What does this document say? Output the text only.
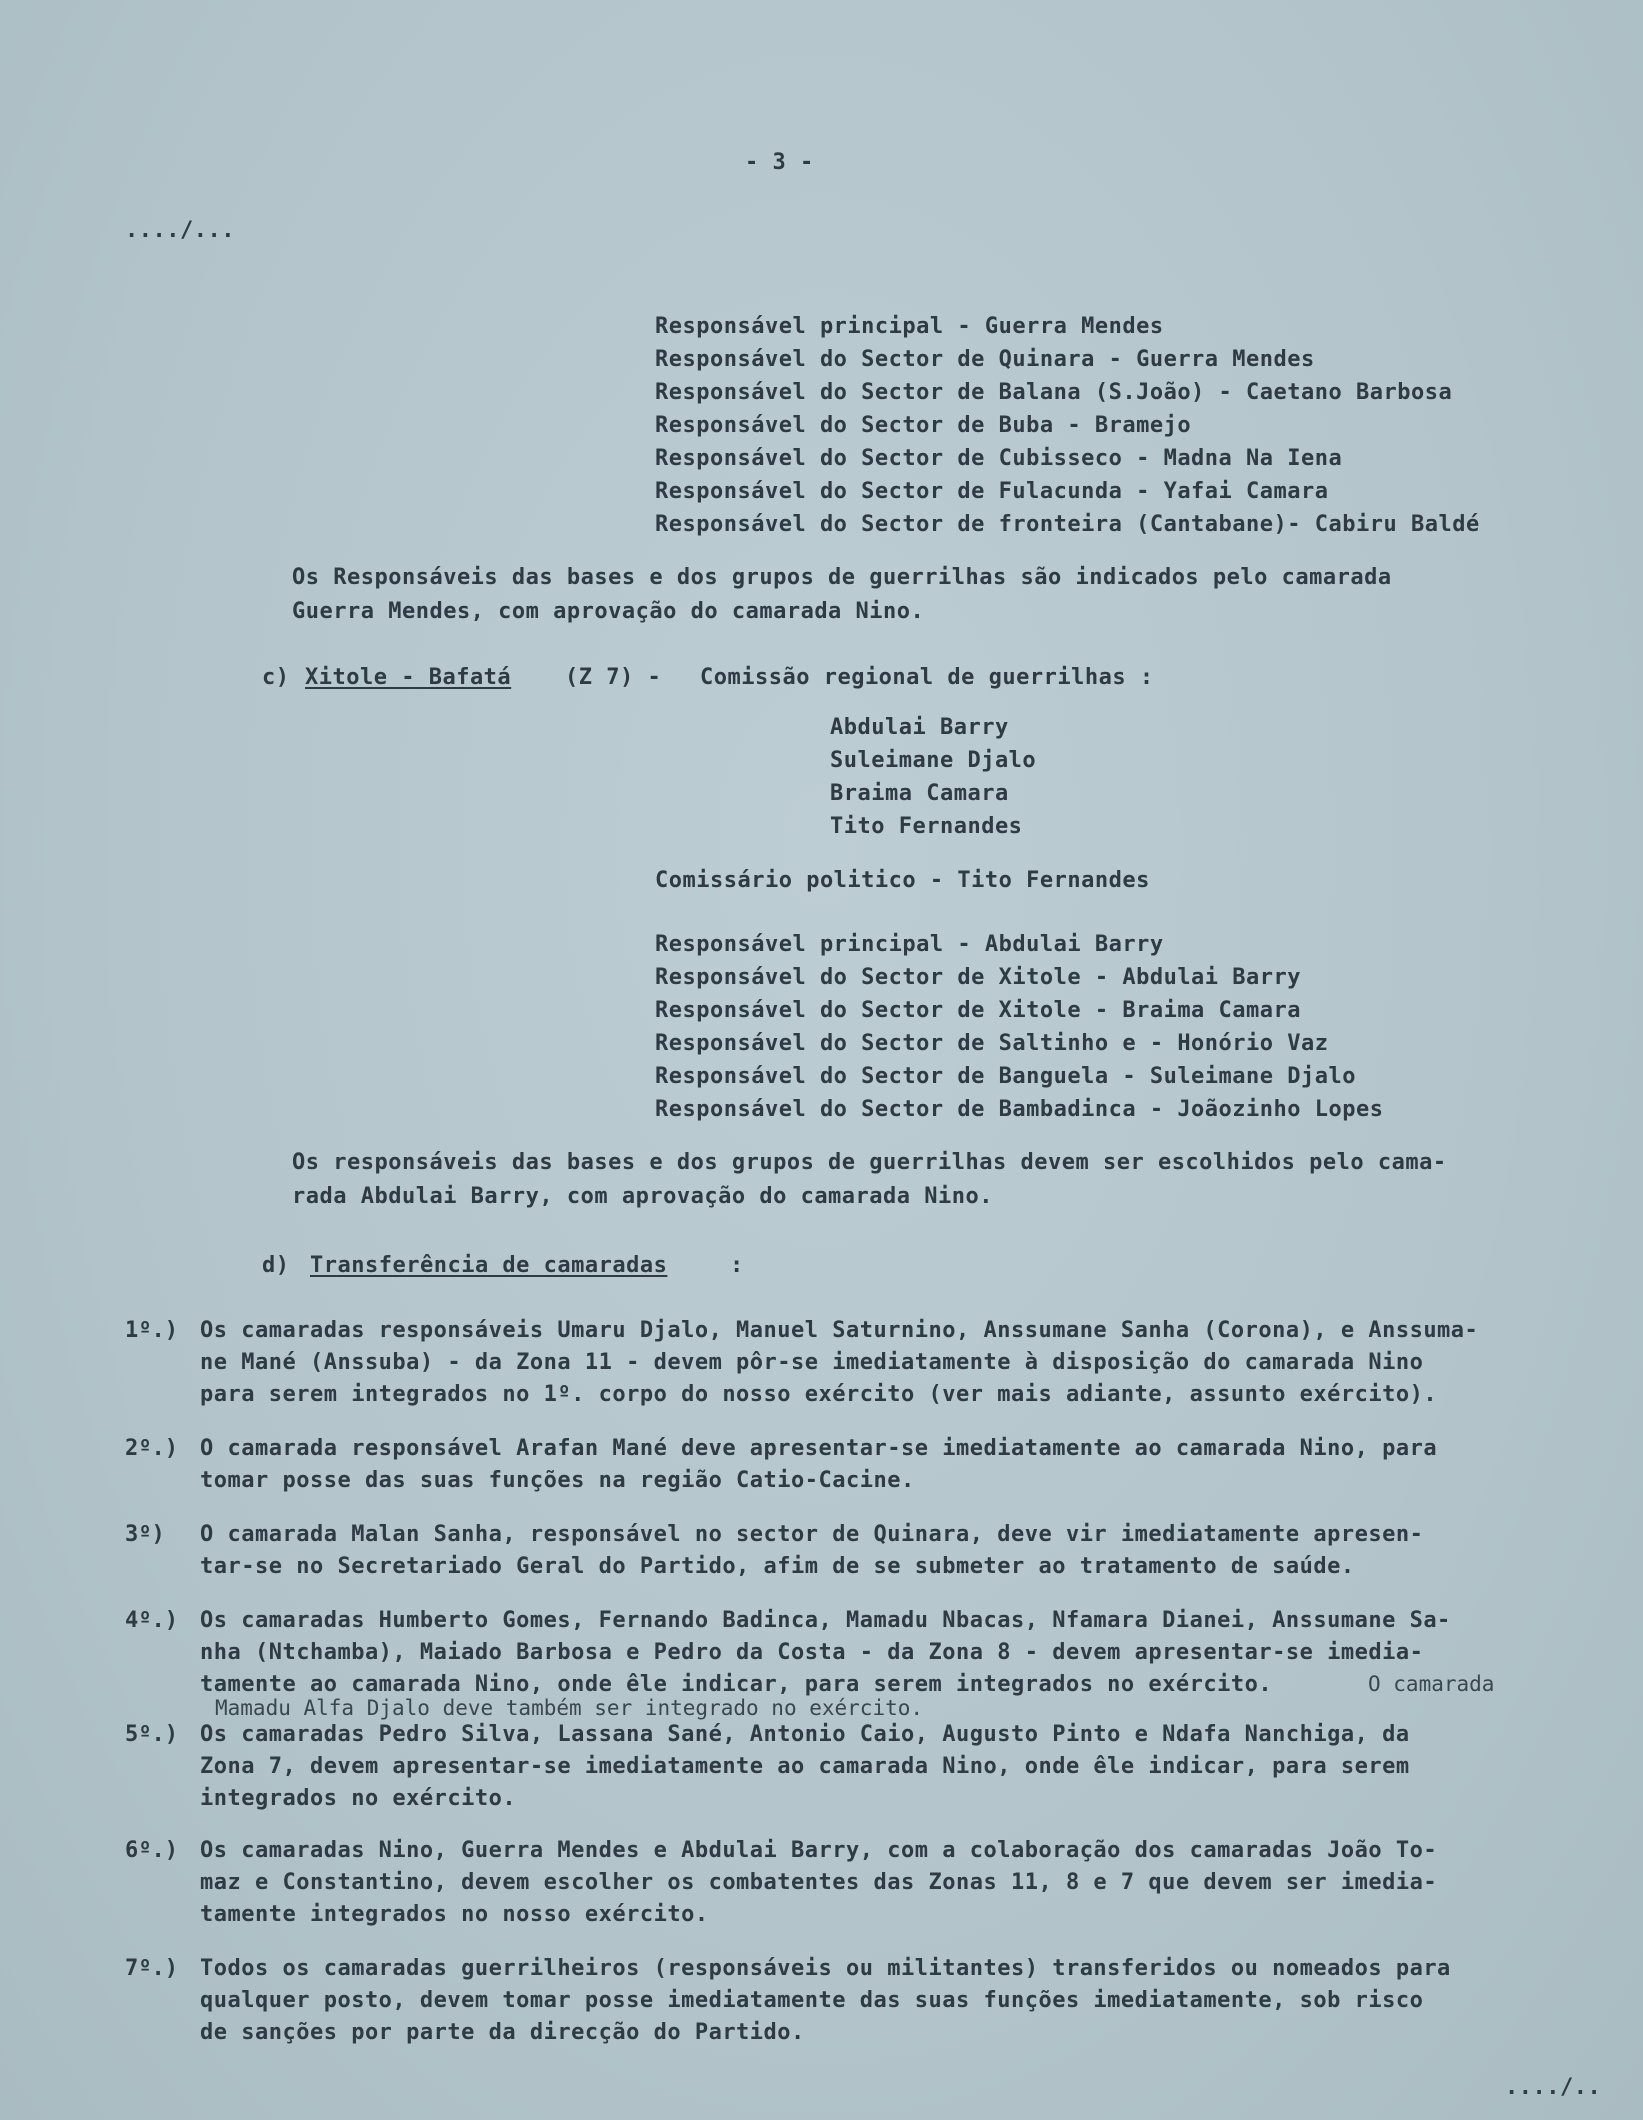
- 3 -
..../...
Responsável principal - Guerra Mendes
Responsável do Sector de Quinara - Guerra Mendes
Responsável do Sector de Balana (S.João) - Caetano Barbosa
Responsável do Sector de Buba - Bramejo
Responsável do Sector de Cubisseco - Madna Na Iena
Responsável do Sector de Fulacunda - Yafai Camara
Responsável do Sector de fronteira (Cantabane)- Cabiru Baldé
Os Responsáveis das bases e dos grupos de guerrilhas são indicados pelo camarada
Guerra Mendes, com aprovação do camarada Nino.
c) Xitole - Bafatá (Z 7) - Comissão regional de guerrilhas :
Abdulai Barry
Suleimane Djalo
Braima Camara
Tito Fernandes
Comissário politico - Tito Fernandes
Responsável principal - Abdulai Barry
Responsável do Sector de Xitole - Abdulai Barry
Responsável do Sector de Xitole - Braima Camara
Responsável do Sector de Saltinho e - Honório Vaz
Responsável do Sector de Banguela - Suleimane Djalo
Responsável do Sector de Bambadinca - Joãozinho Lopes
Os responsáveis das bases e dos grupos de guerrilhas devem ser escolhidos pelo cama-
rada Abdulai Barry, com aprovação do camarada Nino.
d) Transferência de camaradas	:
1º.) Os camaradas responsáveis Umaru Djalo, Manuel Saturnino, Anssumane Sanha (Corona), e Anssuma-
ne Mané (Anssuba) - da Zona 11 - devem pôr-se imediatamente à disposição do camarada Nino
para serem integrados no 1º. corpo do nosso exército (ver mais adiante, assunto exército).
2º.) O camarada responsável Arafan Mané deve apresentar-se imediatamente ao camarada Nino, para
tomar posse das suas funções na região Catio-Cacine.
3º) O camarada Malan Sanha, responsável no sector de Quinara, deve vir imediatamente apresen-
tar-se no Secretariado Geral do Partido, afim de se submeter ao tratamento de saúde.
4º.) Os camaradas Humberto Gomes, Fernando Badinca, Mamadu Nbacas, Nfamara Dianei, Anssumane Sa-
nha (Ntchamba), Maiado Barbosa e Pedro da Costa - da Zona 8 - devem apresentar-se imedia-
tamente ao camarada Nino, onde êle indicar, para serem integrados no exército.	O camarada
Mamadu Alfa Djalo deve também ser integrado no exército.
5º.) Os camaradas Pedro Silva, Lassana Sané, Antonio Caio, Augusto Pinto e Ndafa Nanchiga, da
Zona 7, devem apresentar-se imediatamente ao camarada Nino, onde êle indicar, para serem
integrados no exército.
6º.) Os camaradas Nino, Guerra Mendes e Abdulai Barry, com a colaboração dos camaradas João To-
maz e Constantino, devem escolher os combatentes das Zonas 11, 8 e 7 que devem ser imedia-
tamente integrados no nosso exército.
7º.) Todos os camaradas guerrilheiros (responsáveis ou militantes) transferidos ou nomeados para
qualquer posto, devem tomar posse imediatamente das suas funções imediatamente, sob risco
de sanções por parte da direcção do Partido.
..../..
